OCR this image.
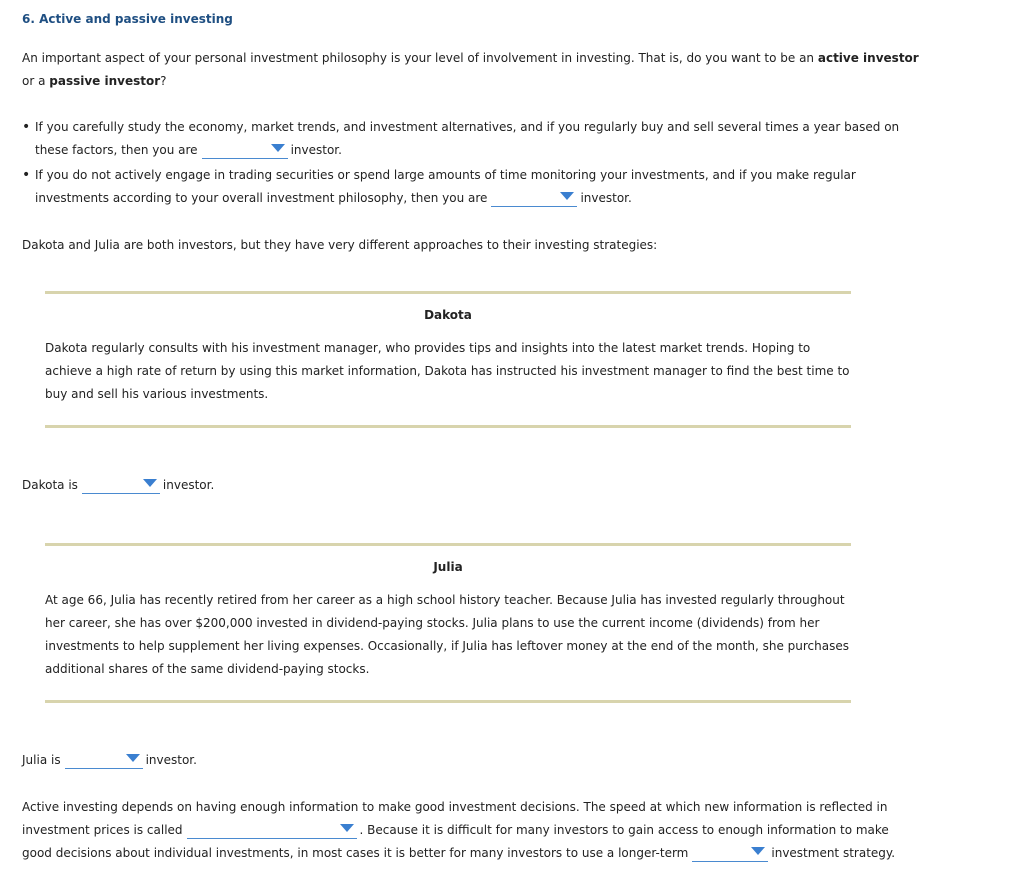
6. Active and passive investing

An important aspect of your personal investment philosophy is your level of involvement in investing. That is, do you want to be an active investor or a passive investor?

• If you carefully study the economy, market trends, and investment alternatives, and if you regularly buy and sell several times a year based on these factors, then you are	investor.
• If you do not actively engage in trading securities or spend large amounts of time monitoring your investments, and if you make regular investments according to your overall investment philosophy, then you are	investor.

Dakota and Julia are both investors, but they have very different approaches to their investing strategies:

Dakota

Dakota regularly consults with his investment manager, who provides tips and insights into the latest market trends. Hoping to achieve a high rate of return by using this market information, Dakota has instructed his investment manager to find the best time to buy and sell his various investments.

Dakota is	investor.

Julia

At age 66, Julia has recently retired from her career as a high school history teacher. Because Julia has invested regularly throughout her career, she has over $200,000 invested in dividend-paying stocks. Julia plans to use the current income (dividends) from her investments to help supplement her living expenses. Occasionally, if Julia has leftover money at the end of the month, she purchases additional shares of the same dividend-paying stocks.

Julia is	investor.

Active investing depends on having enough information to make good investment decisions. The speed at which new information is reflected in investment prices is called	. Because it is difficult for many investors to gain access to enough information to make good decisions about individual investments, in most cases it is better for many investors to use a longer-term	investment strategy.
